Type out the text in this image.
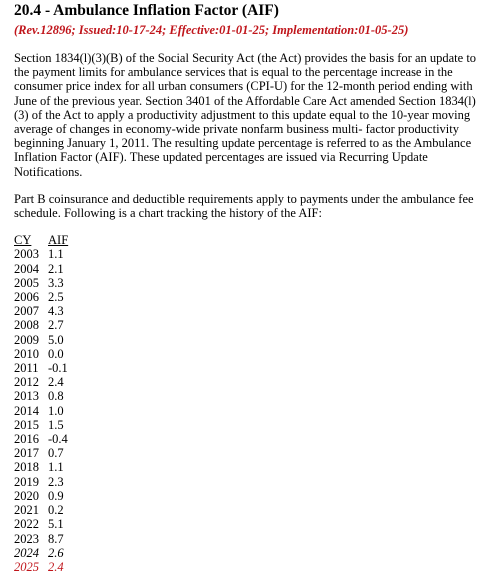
20.4 - Ambulance Inflation Factor (AIF)

(Rev.12896; Issued:10-17-24; Effective:01-01-25; Implementation:01-05-25)

Section 1834(l)(3)(B) of the Social Security Act (the Act) provides the basis for an update to the payment limits for ambulance services that is equal to the percentage increase in the consumer price index for all urban consumers (CPI-U) for the 12-month period ending with June of the previous year. Section 3401 of the Affordable Care Act amended Section 1834(l)(3) of the Act to apply a productivity adjustment to this update equal to the 10-year moving average of changes in economy-wide private nonfarm business multi- factor productivity beginning January 1, 2011. The resulting update percentage is referred to as the Ambulance Inflation Factor (AIF). These updated percentages are issued via Recurring Update Notifications.

Part B coinsurance and deductible requirements apply to payments under the ambulance fee schedule. Following is a chart tracking the history of the AIF:

CY	AIF
2003	1.1
2004	2.1
2005	3.3
2006	2.5
2007	4.3
2008	2.7
2009	5.0
2010	0.0
2011	-0.1
2012	2.4
2013	0.8
2014	1.0
2015	1.5
2016	-0.4
2017	0.7
2018	1.1
2019	2.3
2020	0.9
2021	0.2
2022	5.1
2023	8.7
2024	2.6
2025	2.4
